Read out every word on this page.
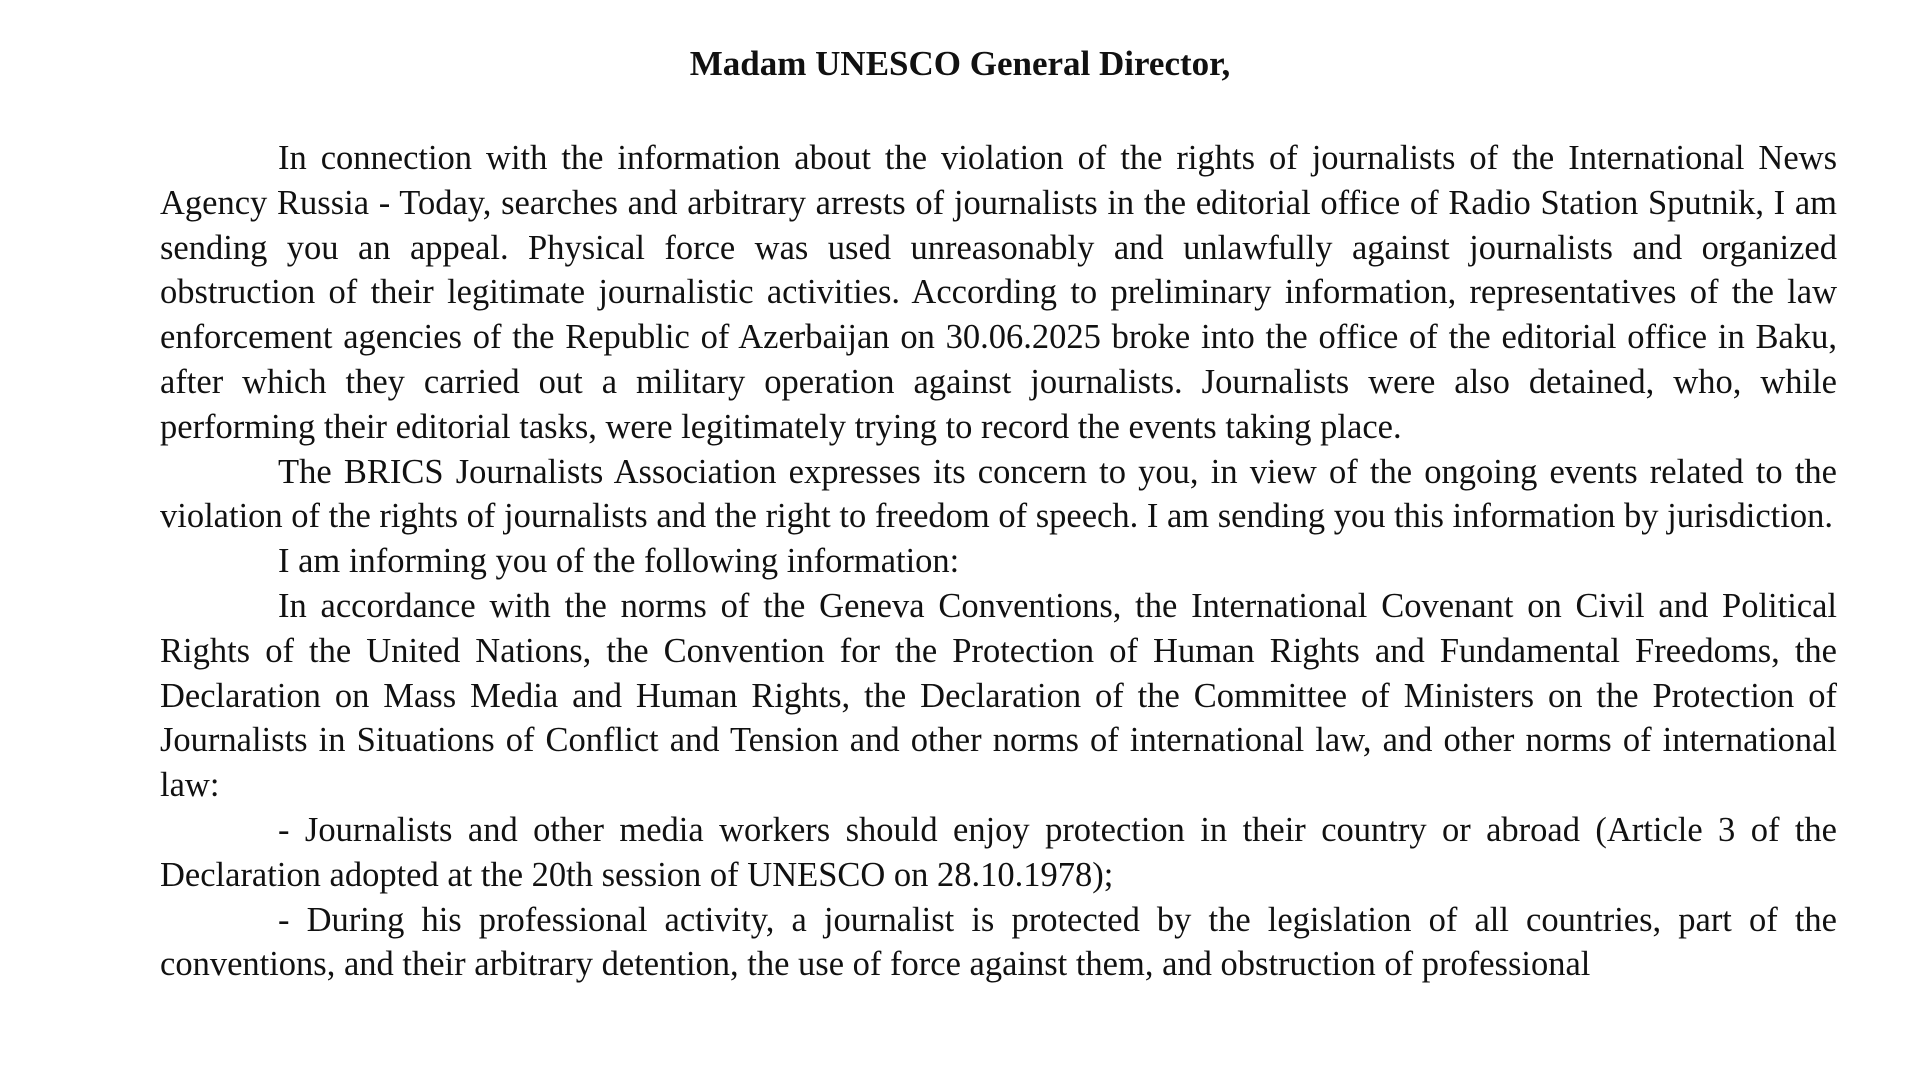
Madam UNESCO General Director,

In connection with the information about the violation of the rights of journalists of the International News Agency Russia - Today, searches and arbitrary arrests of journalists in the editorial office of Radio Station Sputnik, I am sending you an appeal. Physical force was used unreasonably and unlawfully against journalists and organized obstruction of their legitimate journalistic activities. According to preliminary information, representatives of the law enforcement agencies of the Republic of Azerbaijan on 30.06.2025 broke into the office of the editorial office in Baku, after which they carried out a military operation against journalists. Journalists were also detained, who, while performing their editorial tasks, were legitimately trying to record the events taking place.

The BRICS Journalists Association expresses its concern to you, in view of the ongoing events related to the violation of the rights of journalists and the right to freedom of speech. I am sending you this information by jurisdiction.

I am informing you of the following information:

In accordance with the norms of the Geneva Conventions, the International Covenant on Civil and Political Rights of the United Nations, the Convention for the Protection of Human Rights and Fundamental Freedoms, the Declaration on Mass Media and Human Rights, the Declaration of the Committee of Ministers on the Protection of Journalists in Situations of Conflict and Tension and other norms of international law, and other norms of international law:

- Journalists and other media workers should enjoy protection in their country or abroad (Article 3 of the Declaration adopted at the 20th session of UNESCO on 28.10.1978);

- During his professional activity, a journalist is protected by the legislation of all countries, part of the conventions, and their arbitrary detention, the use of force against them, and obstruction of professional
